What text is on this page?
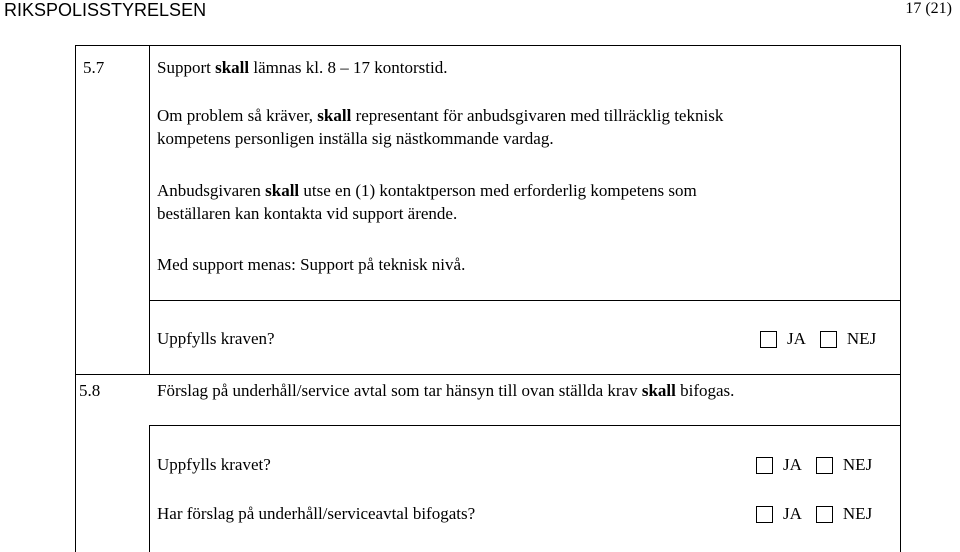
RIKSPOLISSTYRELSEN	17 (21)
5.7	Support skall lämnas kl. 8 – 17 kontorstid.
Om problem så kräver, skall representant för anbudsgivaren med tillräcklig teknisk
kompetens personligen inställa sig nästkommande vardag.
Anbudsgivaren skall utse en (1) kontaktperson med erforderlig kompetens som
beställaren kan kontakta vid support ärende.
Med support menas: Support på teknisk nivå.
Uppfylls kraven?	JA NEJ
5.8	Förslag på underhåll/service avtal som tar hänsyn till ovan ställda krav skall bifogas.
Uppfylls kravet?	JA NEJ
Har förslag på underhåll/serviceavtal bifogats?	JA NEJ
